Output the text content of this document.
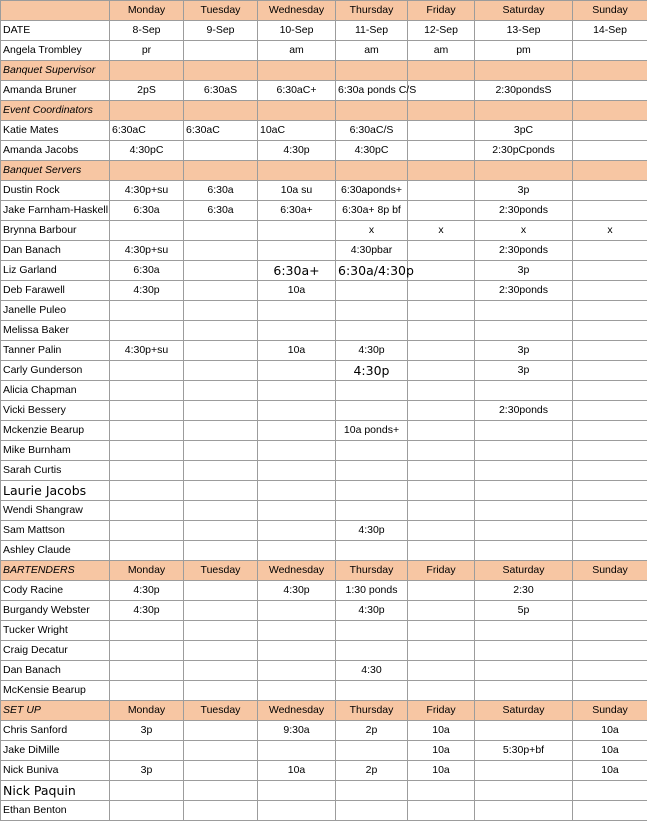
	Monday	Tuesday	Wednesday	Thursday	Friday	Saturday	Sunday
DATE	8-Sep	9-Sep	10-Sep	11-Sep	12-Sep	13-Sep	14-Sep
Angela Trombley	pr		am	am	am	pm	
Banquet Supervisor							
Amanda Bruner	2pS	6:30aS	6:30aC+	6:30a ponds C/S		2:30pondsS	
Event Coordinators							
Katie Mates	6:30aC	6:30aC	10aC	6:30aC/S		3pC	
Amanda Jacobs	4:30pC		4:30p	4:30pC		2:30pCponds	
Banquet Servers							
Dustin Rock	4:30p+su	6:30a	10a su	6:30aponds+		3p	
Jake Farnham-Haskell	6:30a	6:30a	6:30a+	6:30a+ 8p bf		2:30ponds	
Brynna Barbour				x	x	x	x
Dan Banach	4:30p+su			4:30pbar		2:30ponds	
Liz Garland	6:30a		6:30a+	6:30a/4:30p		3p	
Deb Farawell	4:30p		10a			2:30ponds	
Janelle Puleo							
Melissa Baker							
Tanner Palin	4:30p+su		10a	4:30p		3p	
Carly Gunderson				4:30p		3p	
Alicia Chapman							
Vicki Bessery						2:30ponds	
Mckenzie Bearup				10a ponds+			
Mike Burnham							
Sarah Curtis							
Laurie Jacobs							
Wendi Shangraw							
Sam Mattson				4:30p			
Ashley Claude							
BARTENDERS	Monday	Tuesday	Wednesday	Thursday	Friday	Saturday	Sunday
Cody Racine	4:30p		4:30p	1:30 ponds		2:30	
Burgandy Webster	4:30p			4:30p		5p	
Tucker Wright							
Craig Decatur							
Dan Banach				4:30			
McKensie Bearup							
SET UP	Monday	Tuesday	Wednesday	Thursday	Friday	Saturday	Sunday
Chris Sanford	3p		9:30a	2p	10a		10a
Jake DiMille					10a	5:30p+bf	10a
Nick Buniva	3p		10a	2p	10a		10a
Nick Paquin							
Ethan Benton							
